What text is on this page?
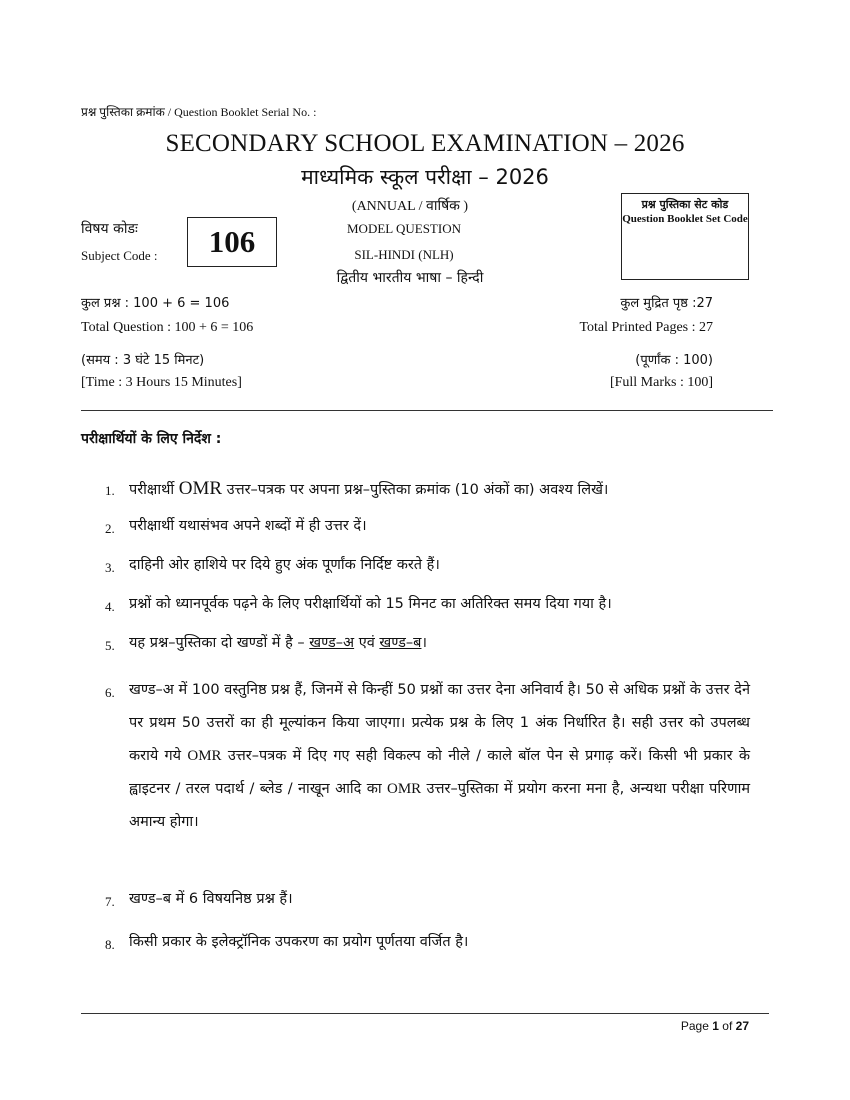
प्रश्न पुस्तिका क्रमांक / Question Booklet Serial No. :
SECONDARY SCHOOL EXAMINATION – 2026
माध्यमिक स्कूल परीक्षा – 2026
(ANNUAL / वार्षिक )
MODEL QUESTION
SIL-HINDI (NLH)
द्वितीय भारतीय भाषा – हिन्दी
विषय कोडः
Subject Code :	106
प्रश्न पुस्तिका सेट कोड
Question Booklet Set Code
कुल प्रश्न : 100 + 6 = 106
Total Question : 100 + 6 = 106
(समय : 3 घंटे 15 मिनट)
[Time : 3 Hours 15 Minutes]
कुल मुद्रित पृष्ठ :27
Total Printed Pages : 27
(पूर्णांक : 100)
[Full Marks : 100]
परीक्षार्थियों के लिए निर्देश :
1. परीक्षार्थी OMR उत्तर–पत्रक पर अपना प्रश्न–पुस्तिका क्रमांक (10 अंकों का) अवश्य लिखें।
2. परीक्षार्थी यथासंभव अपने शब्दों में ही उत्तर दें।
3. दाहिनी ओर हाशिये पर दिये हुए अंक पूर्णांक निर्दिष्ट करते हैं।
4. प्रश्नों को ध्यानपूर्वक पढ़ने के लिए परीक्षार्थियों को 15 मिनट का अतिरिक्त समय दिया गया है।
5. यह प्रश्न–पुस्तिका दो खण्डों में है – खण्ड–अ एवं खण्ड–ब।
6. खण्ड–अ में 100 वस्तुनिष्ठ प्रश्न हैं, जिनमें से किन्हीं 50 प्रश्नों का उत्तर देना अनिवार्य है। 50 से अधिक प्रश्नों के उत्तर देने पर प्रथम 50 उत्तरों का ही मूल्यांकन किया जाएगा। प्रत्येक प्रश्न के लिए 1 अंक निर्धारित है। सही उत्तर को उपलब्ध कराये गये OMR उत्तर–पत्रक में दिए गए सही विकल्प को नीले / काले बॉल पेन से प्रगाढ़ करें। किसी भी प्रकार के ह्वाइटनर / तरल पदार्थ / ब्लेड / नाखून आदि का OMR उत्तर–पुस्तिका में प्रयोग करना मना है, अन्यथा परीक्षा परिणाम अमान्य होगा।
7. खण्ड–ब में 6 विषयनिष्ठ प्रश्न हैं।
8. किसी प्रकार के इलेक्ट्रॉनिक उपकरण का प्रयोग पूर्णतया वर्जित है।
Page 1 of 27
